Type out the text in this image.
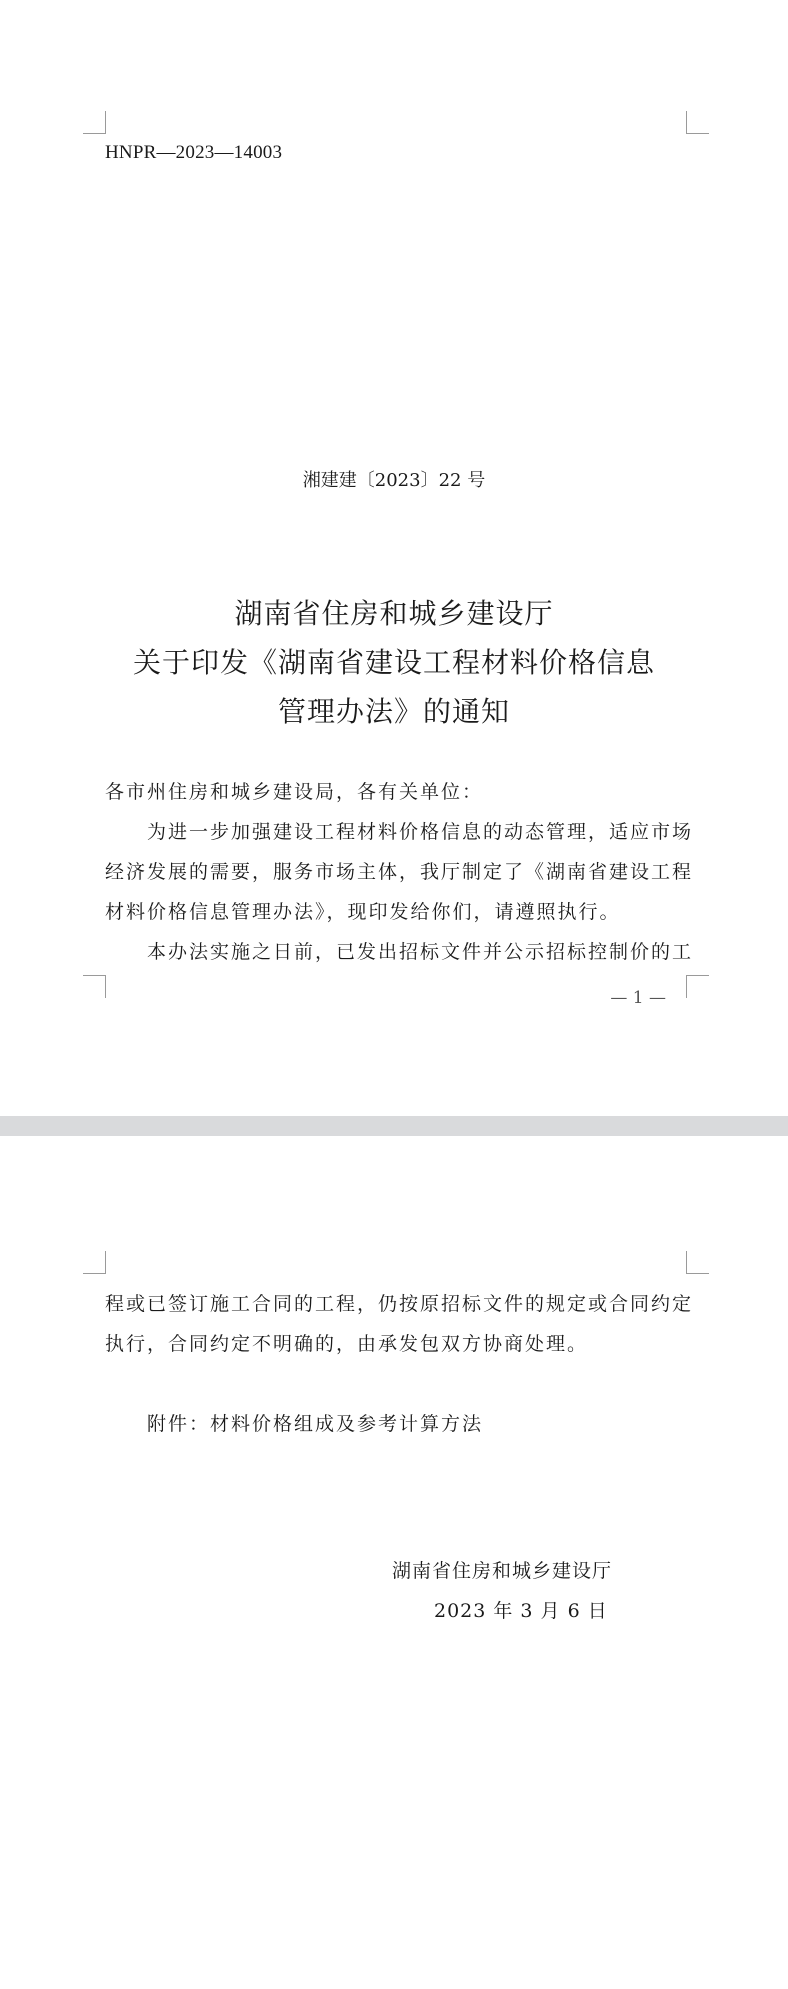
HNPR—2023—14003
湘建建〔2023〕22 号
湖南省住房和城乡建设厅
关于印发《湖南省建设工程材料价格信息
管理办法》的通知
各市州住房和城乡建设局，各有关单位：
为进一步加强建设工程材料价格信息的动态管理，适应市场
经济发展的需要，服务市场主体，我厅制定了《湖南省建设工程
材料价格信息管理办法》，现印发给你们，请遵照执行。
本办法实施之日前，已发出招标文件并公示招标控制价的工
— 1 —
程或已签订施工合同的工程，仍按原招标文件的规定或合同约定
执行，合同约定不明确的，由承发包双方协商处理。
附件：材料价格组成及参考计算方法
湖南省住房和城乡建设厅
2023 年 3 月 6 日
